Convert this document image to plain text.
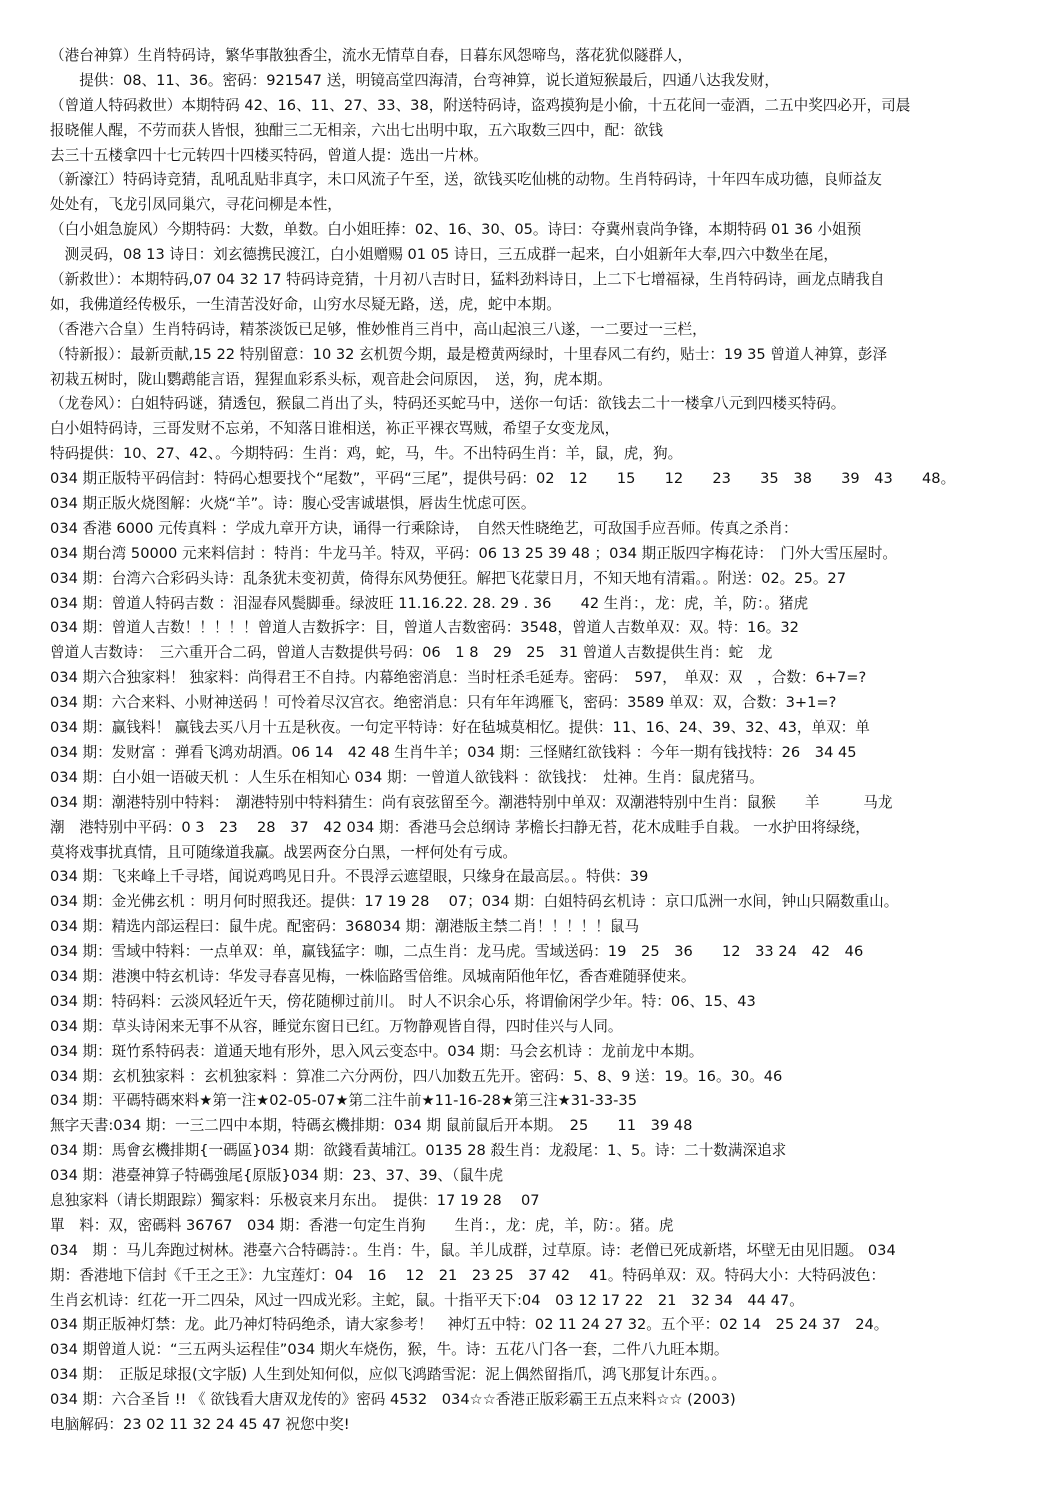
（港台神算）生肖特码诗，繁华事散独香尘，流水无情草自春，日暮东风怨啼鸟，落花犹似隧群人，
　　提供：08、11、36。密码：921547 送，明镜高堂四海清，台弯神算，说长道短猴最后，四通八达我发财，
（曾道人特码救世）本期特码 42、16、11、27、33、38，附送特码诗，盗鸡摸狗是小偷，十五花间一壶酒，二五中奖四必开，司晨
报晓催人醒，不劳而获人皆恨，独酣三二无相亲，六出七出明中取，五六取数三四中，配：欲钱
去三十五楼拿四十七元转四十四楼买特码，曾道人提：选出一片林。
（新濠江）特码诗竞猜，乱吼乱贴非真字，未口风流子午至，送，欲钱买吃仙桃的动物。生肖特码诗，十年四车成功德，良师益友
处处有，飞龙引凤同巢穴，寻花问柳是本性，
（白小姐急旋风）今期特码：大数，单数。白小姐旺捧：02、16、30、05。诗曰：夺冀州袁尚争锋，本期特码 01 36 小姐预
　测灵码，08 13 诗日：刘玄德携民渡江，白小姐赠赐 01 05 诗日，三五成群一起来，白小姐新年大奉,四六中数坐在尾，
（新救世）：本期特码,07 04 32 17 特码诗竞猜，十月初八吉时日，猛料劲料诗日，上二下七增福禄，生肖特码诗，画龙点睛我自
如，我佛道经传极乐，一生清苦没好命，山穷水尽疑无路，送，虎，蛇中本期。
（香港六合皇）生肖特码诗，精茶淡饭已足够，惟妙惟肖三肖中，高山起浪三八遂，一二要过一三栏，
（特新报）：最新贡献,15 22 特别留意：10 32 玄机贺今期，最是橙黄两绿时，十里春风二有约，贴士：19 35 曾道人神算，彭泽
初栽五树时，陇山鹦鹉能言语，猩猩血彩系头标，观音赴会问原因，　送，狗，虎本期。
（龙卷风）：白姐特码谜，猜透包，猴鼠二肖出了头，特码还买蛇马中，送你一句话：欲钱去二十一楼拿八元到四楼买特码。
白小姐特码诗，三哥发财不忘弟，不知落日谁相送，袮正平裸衣骂贼，希望子女变龙凤，
特码提供：10、27、42、。今期特码：生肖：鸡，蛇，马，牛。不出特码生肖：羊，鼠，虎，狗。
034 期正版特平码信封：特码心想要找个“尾数”，平码“三尾”，提供号码：02　12　　15　　12　　23　　35　38　　39　43　　48。
034 期正版火烧图解：火烧“羊”。诗：腹心受害诚堪惧，唇齿生忧虑可医。
034 香港 6000 元传真料 ：学成九章开方诀，诵得一行乘除诗，　自然天性晓绝艺，可敌国手应吾师。传真之杀肖：
034 期台湾 50000 元来料信封 ：特肖：牛龙马羊。特双，平码：06 13 25 39 48 ；034 期正版四字梅花诗：　门外大雪压屋时。
034 期：台湾六合彩码头诗：乱条犹未变初黄，倚得东风势便狂。解把飞花蒙日月，不知天地有清霜。。附送：02。25。27
034 期：曾道人特码吉数 ：泪湿春风鬓脚垂。绿波旺 11.16.22. 28. 29 . 36　　42 生肖：，龙：虎，羊，防：。猪虎
034 期：曾道人吉数！！！！！曾道人吉数拆字：目，曾道人吉数密码：3548，曾道人吉数单双：双。特：16。32
曾道人吉数诗：　三六重开合二码，曾道人吉数提供号码：06　1 8　29　25　31 曾道人吉数提供生肖：蛇　龙
034 期六合独家料！ 独家料：尚得君王不自持。内幕绝密消息：当时枉杀毛延寿。密码：　597，　单双：双　，合数：6+7=?
034 期：六合来料、小财神送码 ！可怜着尽汉宫衣。绝密消息：只有年年鸿雁飞，密码：3589 单双：双，合数：3+1=?
034 期：赢钱料！ 赢钱去买八月十五是秋夜。一句定平特诗：好在毡城莫相忆。提供：11、16、24、39、32、43，单双：单
034 期：发财富 ：弹看飞鸿劝胡酒。06 14　42 48 生肖牛羊；034 期：三怪赌红欲钱料 ：今年一期有钱找特：26　34 45
034 期：白小姐一语破天机 ：人生乐在相知心 034 期：一曾道人欲钱料 ：欲钱找：　灶神。生肖：鼠虎猪马。
034 期：潮港特别中特料：　潮港特别中特料猜生：尚有哀弦留至今。潮港特别中单双：双潮港特别中生肖：鼠猴　　羊　　　马龙
潮　港特别中平码：0 3　23　 28　37　42 034 期：香港马会总纲诗 茅檐长扫静无苔，花木成畦手自栽。 一水护田将绿绕，
莫将戏事扰真情，且可随缘道我赢。战罢两奁分白黑，一枰何处有亏成。
034 期：飞来峰上千寻塔，闻说鸡鸣见日升。不畏浮云遮望眼，只缘身在最高层。。特供：39
034 期：金光佛玄机 ：明月何时照我还。提供：17 19 28　 07；034 期：白姐特码玄机诗 ：京口瓜洲一水间，钟山只隔数重山。
034 期：精选内部运程曰：鼠牛虎。配密码：368034 期：潮港版主禁二肖！！！！！鼠马
034 期：雪域中特料：一点单双：单，赢钱猛字：咖，二点生肖：龙马虎。雪域送码：19　25　36　　12　33 24　42　46
034 期：港澳中特玄机诗：华发寻春喜见梅，一株临路雪倍维。凤城南陌他年忆，香杳难随驿使来。
034 期：特码料：云淡风轻近午天，傍花随柳过前川。 时人不识余心乐，将谓偷闲学少年。特：06、15、43
034 期：草头诗闲来无事不从容，睡觉东窗日已红。万物静观皆自得，四时佳兴与人同。
034 期：斑竹系特码表：道通天地有形外，思入风云变态中。034 期：马会玄机诗 ：龙前龙中本期。
034 期：玄机独家料 ：玄机独家料 ：算准二六分两份，四八加数五先开。密码：5、8、9 送：19。16。30。46
034 期：平碼特碼來料★第一注★02-05-07★第二注牛前★11-16-28★第三注★31-33-35
無字天書:034 期：一三二四中本期，特碼玄機排期：034 期 鼠前鼠后开本期。　25　　11　39 48
034 期：馬會玄機排期{一碼區}034 期：欲錢看黃埔江。0135 28 殺生肖：龙殺尾：1、5。诗：二十数满深追求
034 期：港臺神算子特碼強尾{原版}034 期：23、37、39、（鼠牛虎
息独家料（请长期跟踪）獨家料：乐极哀来月东出。　提供：17 19 28　 07
單　料：双，密碼料 36767　034 期：香港一句定生肖狗　　生肖：，龙：虎，羊，防：。猪。虎
034　期 ：马儿奔跑过树林。港臺六合特碼詩：。生肖：牛，鼠。羊儿成群，过草原。诗：老僧已死成新塔，坏壁无由见旧题。 034
期：香港地下信封《千王之王》：九宝莲灯：04　16　 12　21　23 25　37 42　 41。特码单双：双。特码大小：大特码波色：
生肖玄机诗：红花一开二四朵，风过一四成光彩。主蛇，鼠。十指平天下:04　03 12 17 22　21　32 34　44 47。
034 期正版神灯禁：龙。此乃神灯特码绝杀，请大家参考！　神灯五中特：02 11 24 27 32。五个平：02 14　25 24 37　24。
034 期曾道人说：“三五两头运程佳”034 期火车烧伤，猴，牛。诗：五花八门各一套，二件八九旺本期。
034 期：　正版足球报(文字版) 人生到处知何似，应似飞鸿踏雪泥：泥上偶然留指爪，鸿飞那复计东西。。
034 期：六合圣旨 !! 《 欲钱看大唐双龙传的》密码 4532　034☆☆香港正版彩霸王五点来料☆☆ (2003)
电脑解码：23 02 11 32 24 45 47 祝您中奖!
